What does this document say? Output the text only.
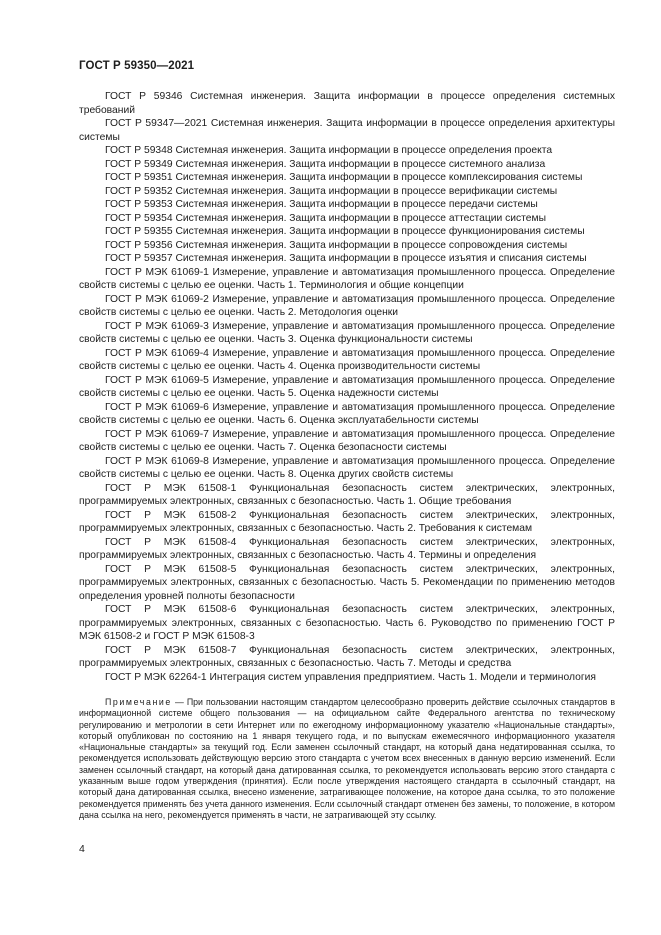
ГОСТ Р 59350—2021

ГОСТ Р 59346 Системная инженерия. Защита информации в процессе определения системных требований

ГОСТ Р 59347—2021 Системная инженерия. Защита информации в процессе определения архитектуры системы

ГОСТ Р 59348 Системная инженерия. Защита информации в процессе определения проекта

ГОСТ Р 59349 Системная инженерия. Защита информации в процессе системного анализа

ГОСТ Р 59351 Системная инженерия. Защита информации в процессе комплексирования системы

ГОСТ Р 59352 Системная инженерия. Защита информации в процессе верификации системы

ГОСТ Р 59353 Системная инженерия. Защита информации в процессе передачи системы

ГОСТ Р 59354 Системная инженерия. Защита информации в процессе аттестации системы

ГОСТ Р 59355 Системная инженерия. Защита информации в процессе функционирования системы

ГОСТ Р 59356 Системная инженерия. Защита информации в процессе сопровождения системы

ГОСТ Р 59357 Системная инженерия. Защита информации в процессе изъятия и списания системы

ГОСТ Р МЭК 61069-1 Измерение, управление и автоматизация промышленного процесса. Определение свойств системы с целью ее оценки. Часть 1. Терминология и общие концепции

ГОСТ Р МЭК 61069-2 Измерение, управление и автоматизация промышленного процесса. Определение свойств системы с целью ее оценки. Часть 2. Методология оценки

ГОСТ Р МЭК 61069-3 Измерение, управление и автоматизация промышленного процесса. Определение свойств системы с целью ее оценки. Часть 3. Оценка функциональности системы

ГОСТ Р МЭК 61069-4 Измерение, управление и автоматизация промышленного процесса. Определение свойств системы с целью ее оценки. Часть 4. Оценка производительности системы

ГОСТ Р МЭК 61069-5 Измерение, управление и автоматизация промышленного процесса. Определение свойств системы с целью ее оценки. Часть 5. Оценка надежности системы

ГОСТ Р МЭК 61069-6 Измерение, управление и автоматизация промышленного процесса. Определение свойств системы с целью ее оценки. Часть 6. Оценка эксплуатабельности системы

ГОСТ Р МЭК 61069-7 Измерение, управление и автоматизация промышленного процесса. Определение свойств системы с целью ее оценки. Часть 7. Оценка безопасности системы

ГОСТ Р МЭК 61069-8 Измерение, управление и автоматизация промышленного процесса. Определение свойств системы с целью ее оценки. Часть 8. Оценка других свойств системы

ГОСТ Р МЭК 61508-1 Функциональная безопасность систем электрических, электронных, программируемых электронных, связанных с безопасностью. Часть 1. Общие требования

ГОСТ Р МЭК 61508-2 Функциональная безопасность систем электрических, электронных, программируемых электронных, связанных с безопасностью. Часть 2. Требования к системам

ГОСТ Р МЭК 61508-4 Функциональная безопасность систем электрических, электронных, программируемых электронных, связанных с безопасностью. Часть 4. Термины и определения

ГОСТ Р МЭК 61508-5 Функциональная безопасность систем электрических, электронных, программируемых электронных, связанных с безопасностью. Часть 5. Рекомендации по применению методов определения уровней полноты безопасности

ГОСТ Р МЭК 61508-6 Функциональная безопасность систем электрических, электронных, программируемых электронных, связанных с безопасностью. Часть 6. Руководство по применению ГОСТ Р МЭК 61508-2 и ГОСТ Р МЭК 61508-3

ГОСТ Р МЭК 61508-7 Функциональная безопасность систем электрических, электронных, программируемых электронных, связанных с безопасностью. Часть 7. Методы и средства

ГОСТ Р МЭК 62264-1 Интеграция систем управления предприятием. Часть 1. Модели и терминология

Примечание — При пользовании настоящим стандартом целесообразно проверить действие ссылочных стандартов в информационной системе общего пользования — на официальном сайте Федерального агентства по техническому регулированию и метрологии в сети Интернет или по ежегодному информационному указателю «Национальные стандарты», который опубликован по состоянию на 1 января текущего года, и по выпускам ежемесячного информационного указателя «Национальные стандарты» за текущий год. Если заменен ссылочный стандарт, на который дана недатированная ссылка, то рекомендуется использовать действующую версию этого стандарта с учетом всех внесенных в данную версию изменений. Если заменен ссылочный стандарт, на который дана датированная ссылка, то рекомендуется использовать версию этого стандарта с указанным выше годом утверждения (принятия). Если после утверждения настоящего стандарта в ссылочный стандарт, на который дана датированная ссылка, внесено изменение, затрагивающее положение, на которое дана ссылка, то это положение рекомендуется применять без учета данного изменения. Если ссылочный стандарт отменен без замены, то положение, в котором дана ссылка на него, рекомендуется применять в части, не затрагивающей эту ссылку.
4
